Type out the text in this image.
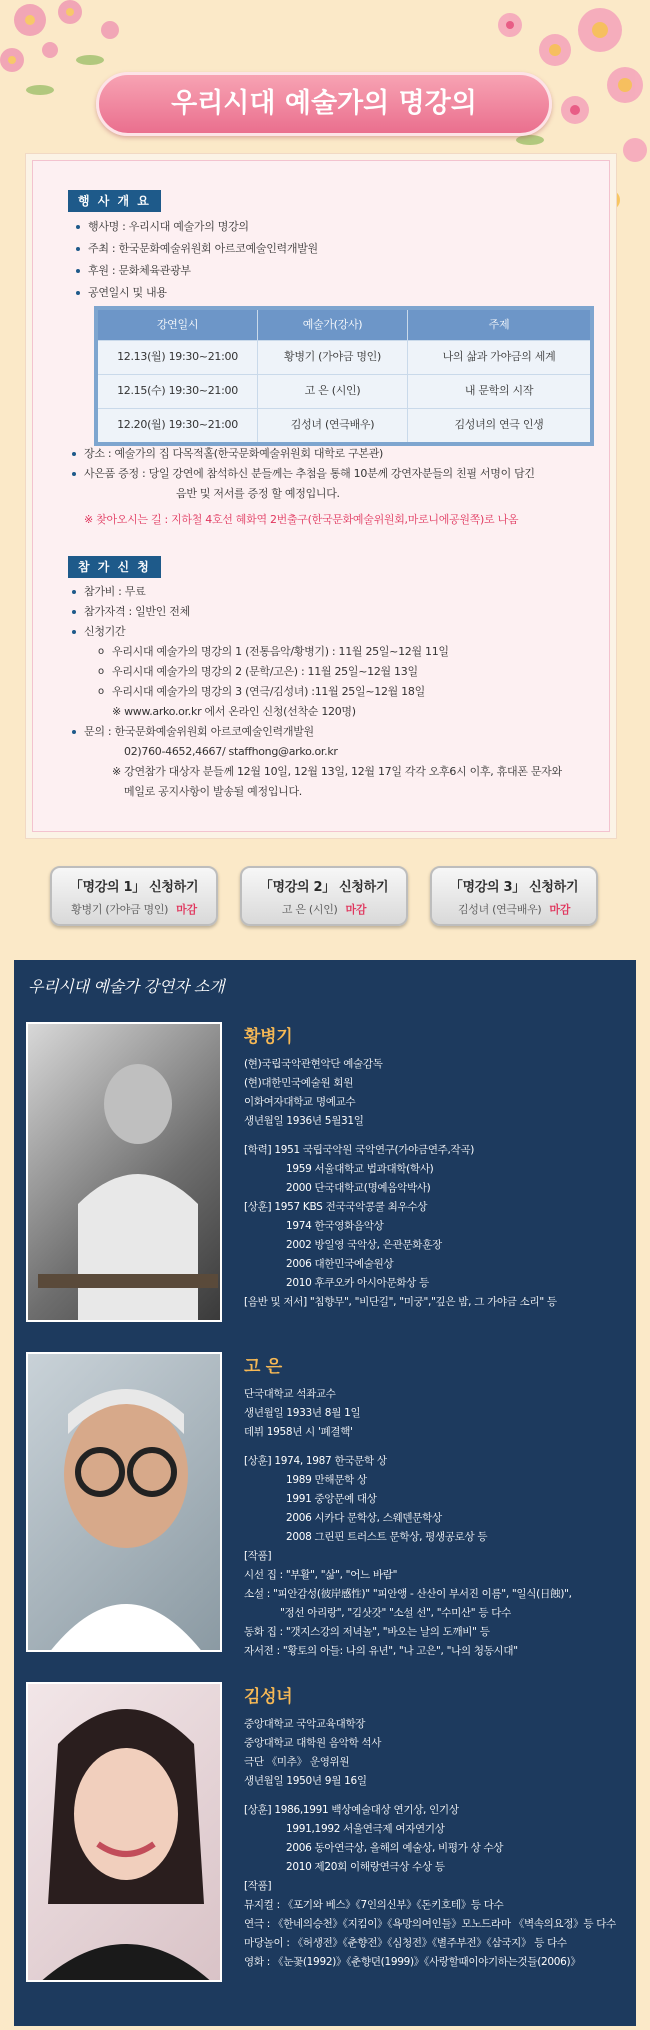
우리시대 예술가의 명강의
행 사 개 요
행사명 : 우리시대 예술가의 명강의
주최 : 한국문화예술위원회 아르코예술인력개발원
후원 : 문화체육관광부
공연일시 및 내용
강연일시	예술가(강사)	주제
12.13(월) 19:30~21:00	황병기 (가야금 명인)	나의 삶과 가야금의 세계
12.15(수) 19:30~21:00	고 은 (시인)	내 문학의 시작
12.20(월) 19:30~21:00	김성녀 (연극배우)	김성녀의 연극 인생

장소 : 예술가의 집 다목적홀(한국문화예술위원회 대학로 구본관)

사은품 증정 : 당일 강연에 참석하신 분들께는 추첨을 통해 10분께 강연자분들의 친필 서명이 담긴

음반 및 저서를 증정 할 예정입니다.

※ 찾아오시는 길 : 지하철 4호선 혜화역 2번출구(한국문화예술위원회,마로니에공원쪽)로 나옴

참 가 신 청

참가비 : 무료

참가자격 : 일반인 전체

신청기간

o 우리시대 예술가의 명강의 1 (전통음악/황병기) : 11월 25일~12월 11일

o 우리시대 예술가의 명강의 2 (문학/고은) : 11월 25일~12월 13일

o 우리시대 예술가의 명강의 3 (연극/김성녀) :11월 25일~12월 18일

※ www.arko.or.kr 에서 온라인 신청(선착순 120명)

문의 : 한국문화예술위원회 아르코예술인력개발원

02)760-4652,4667/ staffhong@arko.or.kr

※ 강연참가 대상자 분들께 12월 10일, 12월 13일, 12월 17일 각각 오후6시 이후, 휴대폰 문자와

메일로 공지사항이 발송될 예정입니다.

「명강의 1」 신청하기
황병기 (가야금 명인) 마감
「명강의 2」 신청하기
고 은 (시인) 마감
「명강의 3」 신청하기
김성녀 (연극배우) 마감
우리시대 예술가 강연자 소개
황병기

(현)국립국악관현악단 예술감독

(현)대한민국예술원 회원

이화여자대학교 명예교수

생년월일 1936년 5월31일

[학력] 1951 국립국악원 국악연구(가야금연주,작곡)

1959 서울대학교 법과대학(학사)

2000 단국대학교(명예음악박사)

[상훈] 1957 KBS 전국국악콩쿨 최우수상

1974 한국영화음악상

2002 방일영 국악상, 은관문화훈장

2006 대한민국예술원상

2010 후쿠오카 아시아문화상 등

[음반 및 저서] "침향무", "비단길", "미궁","깊은 밤, 그 가야금 소리" 등

고 은

단국대학교 석좌교수

생년월일 1933년 8월 1일

데뷔 1958년 시 '폐결핵'

[상훈] 1974, 1987 한국문학 상

1989 만해문학 상

1991 중앙문예 대상

2006 시카다 문학상, 스웨덴문학상

2008 그린핀 트러스트 문학상, 평생공로상 등

[작품]

시선 집 : "부활", "삶", "어느 바람"

소설 : "피안감성(彼岸感性)" "피안앵 - 산산이 부서진 이름", "일식(日蝕)",

"정선 아리랑", "김삿갓" "소설 선", "수미산" 등 다수

동화 집 : "갯지스강의 저녁놀", "바오는 날의 도깨비" 등

자서전 : "황토의 아들: 나의 유년", "나 고은", "나의 청동시대"

김성녀

중앙대학교 국악교육대학장

중앙대학교 대학원 음악학 석사

극단 《미추》 운영위원

생년월일 1950년 9월 16일

[상훈] 1986,1991 백상예술대상 연기상, 인기상

1991,1992 서울연극제 여자연기상

2006 동아연극상, 올해의 예술상, 비평가 상 수상

2010 제20회 이해랑연극상 수상 등

[작품]

뮤지컬 : 《포기와 베스》《7인의신부》《돈키호테》등 다수

연극 : 《한네의승천》《지킴이》《욕망의여인들》모노드라마 《벽속의요정》등 다수

마당놀이 : 《허생전》《춘향전》《심청전》《별주부전》《삼국지》 등 다수

영화 : 《눈꽃(1992)》《춘향뎐(1999)》《사랑할때이야기하는것들(2006)》
